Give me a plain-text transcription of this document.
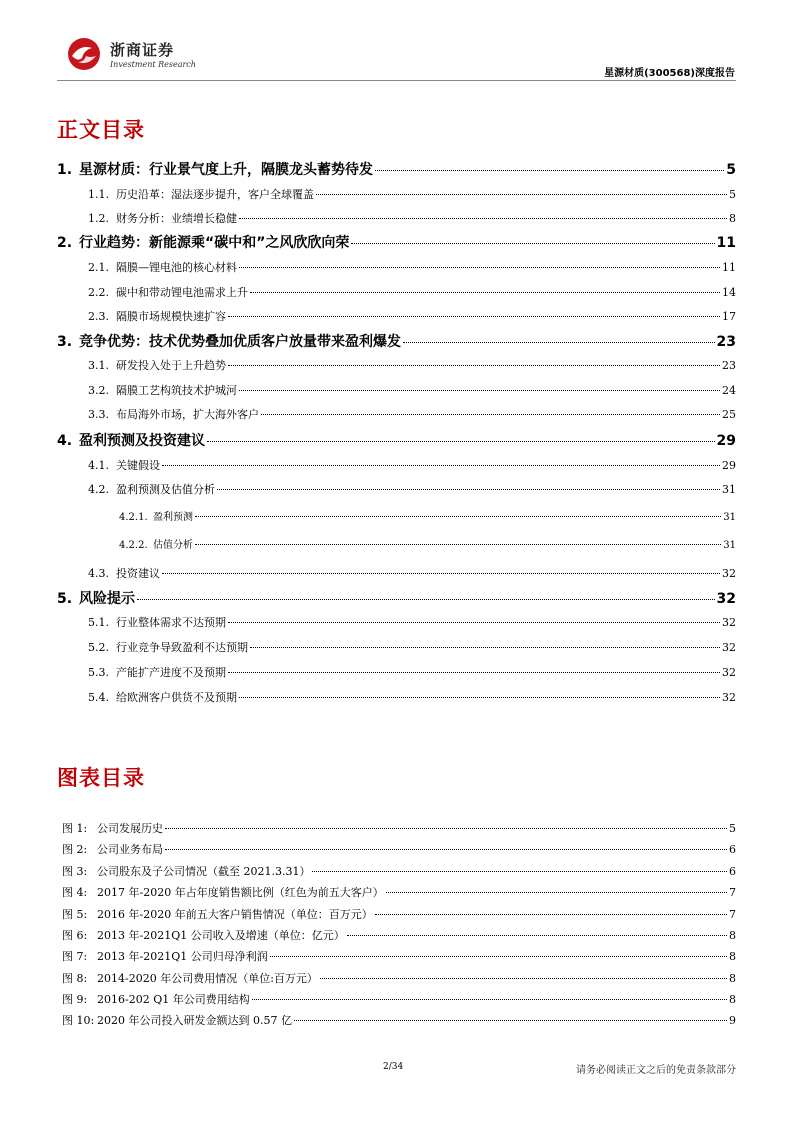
浙商证券
Investment Research
星源材质(300568)深度报告
正文目录
1. 星源材质：行业景气度上升，隔膜龙头蓄势待发	5
1.1. 历史沿革：湿法逐步提升，客户全球覆盖	5
1.2. 财务分析：业绩增长稳健	8
2. 行业趋势：新能源乘“碳中和”之风欣欣向荣	11
2.1. 隔膜—锂电池的核心材料	11
2.2. 碳中和带动锂电池需求上升	14
2.3. 隔膜市场规模快速扩容	17
3. 竞争优势：技术优势叠加优质客户放量带来盈利爆发	23
3.1. 研发投入处于上升趋势	23
3.2. 隔膜工艺构筑技术护城河	24
3.3. 布局海外市场，扩大海外客户	25
4. 盈利预测及投资建议	29
4.1. 关键假设	29
4.2. 盈利预测及估值分析	31
4.2.1. 盈利预测	31
4.2.2. 估值分析	31
4.3. 投资建议	32
5. 风险提示	32
5.1. 行业整体需求不达预期	32
5.2. 行业竞争导致盈利不达预期	32
5.3. 产能扩产进度不及预期	32
5.4. 给欧洲客户供货不及预期	32
图表目录
图 1: 公司发展历史	5
图 2: 公司业务布局	6
图 3: 公司股东及子公司情况（截至 2021.3.31）	6
图 4: 2017 年-2020 年占年度销售额比例（红色为前五大客户）	7
图 5: 2016 年-2020 年前五大客户销售情况（单位：百万元）	7
图 6: 2013 年-2021Q1 公司收入及增速（单位：亿元）	8
图 7: 2013 年-2021Q1 公司归母净利润	8
图 8: 2014-2020 年公司费用情况（单位:百万元）	8
图 9: 2016-202 Q1 年公司费用结构	8
图 10: 2020 年公司投入研发金额达到 0.57 亿	9
2/34	请务必阅读正文之后的免责条款部分
